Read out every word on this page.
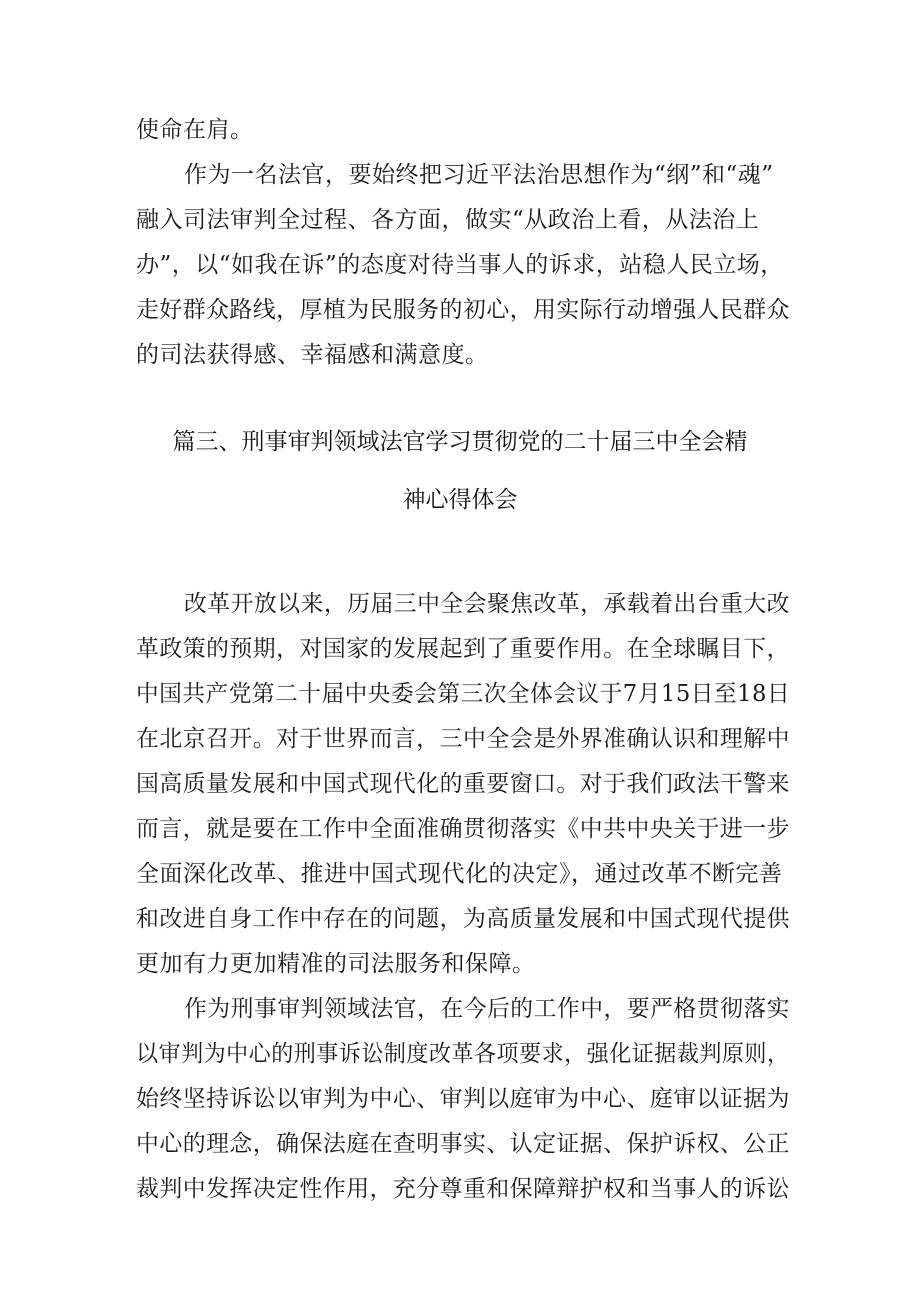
使命在肩。
作为一名法官，要始终把习近平法治思想作为“纲”和“魂”
融入司法审判全过程、各方面，做实“从政治上看，从法治上
办”，以“如我在诉”的态度对待当事人的诉求，站稳人民立场，
走好群众路线，厚植为民服务的初心，用实际行动增强人民群众
的司法获得感、幸福感和满意度。
篇三、刑事审判领域法官学习贯彻党的二十届三中全会精
神心得体会
改革开放以来，历届三中全会聚焦改革，承载着出台重大改
革政策的预期，对国家的发展起到了重要作用。在全球瞩目下，
中国共产党第二十届中央委会第三次全体会议于7月15日至18日
在北京召开。对于世界而言，三中全会是外界准确认识和理解中
国高质量发展和中国式现代化的重要窗口。对于我们政法干警来
而言，就是要在工作中全面准确贯彻落实《中共中央关于进一步
全面深化改革、推进中国式现代化的决定》，通过改革不断完善
和改进自身工作中存在的问题，为高质量发展和中国式现代提供
更加有力更加精准的司法服务和保障。
作为刑事审判领域法官，在今后的工作中，要严格贯彻落实
以审判为中心的刑事诉讼制度改革各项要求，强化证据裁判原则，
始终坚持诉讼以审判为中心、审判以庭审为中心、庭审以证据为
中心的理念，确保法庭在查明事实、认定证据、保护诉权、公正
裁判中发挥决定性作用，充分尊重和保障辩护权和当事人的诉讼
